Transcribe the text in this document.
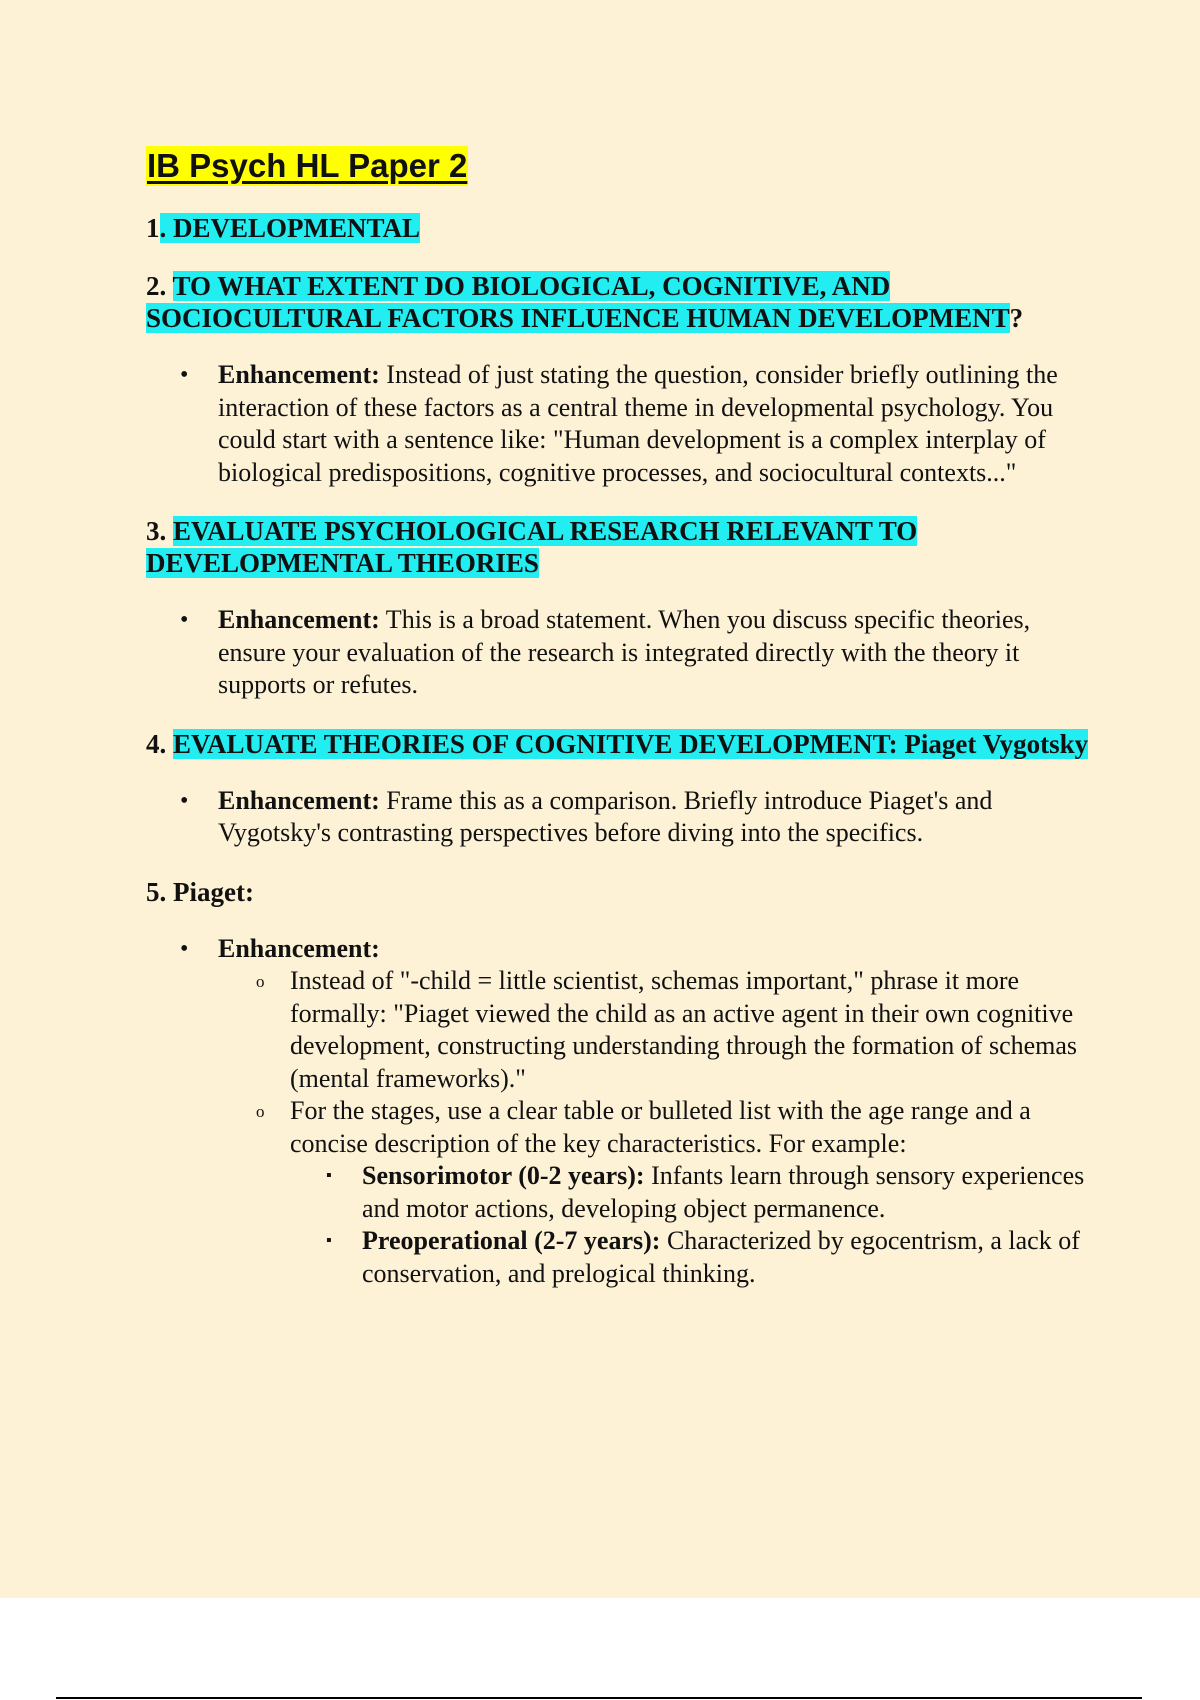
IB Psych HL Paper 2

1. DEVELOPMENTAL

2. TO WHAT EXTENT DO BIOLOGICAL, COGNITIVE, AND SOCIOCULTURAL FACTORS INFLUENCE HUMAN DEVELOPMENT?

• Enhancement: Instead of just stating the question, consider briefly outlining the interaction of these factors as a central theme in developmental psychology. You could start with a sentence like: "Human development is a complex interplay of biological predispositions, cognitive processes, and sociocultural contexts..."

3. EVALUATE PSYCHOLOGICAL RESEARCH RELEVANT TO DEVELOPMENTAL THEORIES

• Enhancement: This is a broad statement. When you discuss specific theories, ensure your evaluation of the research is integrated directly with the theory it supports or refutes.

4. EVALUATE THEORIES OF COGNITIVE DEVELOPMENT: Piaget Vygotsky

• Enhancement: Frame this as a comparison. Briefly introduce Piaget's and Vygotsky's contrasting perspectives before diving into the specifics.

5. Piaget:

• Enhancement:
o Instead of "-child = little scientist, schemas important," phrase it more formally: "Piaget viewed the child as an active agent in their own cognitive development, constructing understanding through the formation of schemas (mental frameworks)."
o For the stages, use a clear table or bulleted list with the age range and a concise description of the key characteristics. For example:
▪ Sensorimotor (0-2 years): Infants learn through sensory experiences and motor actions, developing object permanence.
▪ Preoperational (2-7 years): Characterized by egocentrism, a lack of conservation, and prelogical thinking.
